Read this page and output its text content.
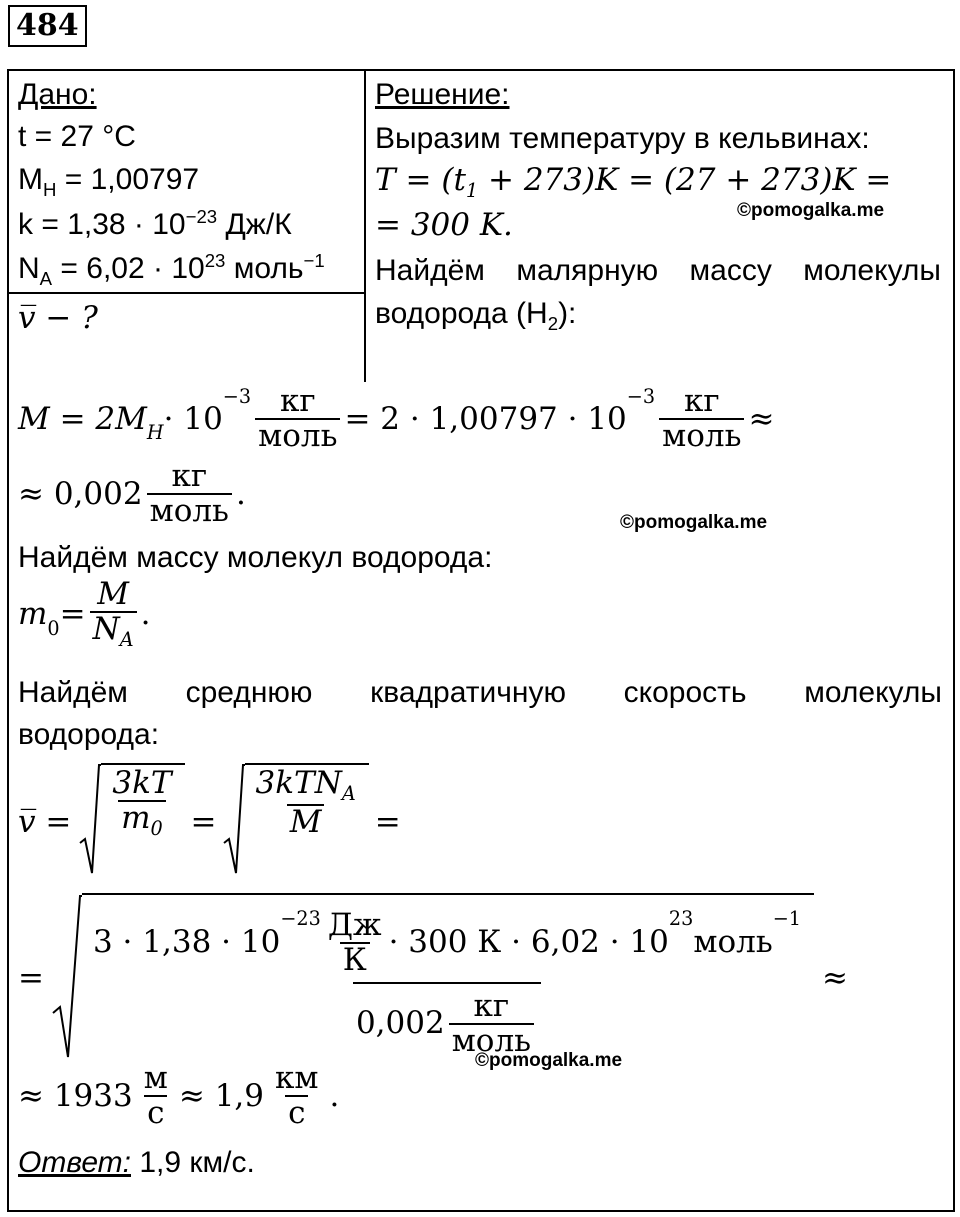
484
Дано:
t = 27 °C
$M_H = 1,00797$
$k = 1,38 \cdot 10^{-23}$ Дж/К
$N_A = 6,02 \cdot 10^{23}$ моль$^{-1}$
v̅ − ?
Решение:
Выразим температуру в кельвинах:
$T = (t_1 + 273)K = (27 + 273)K$ =
= 300 K.	©pomogalka.me
Найдём малярную массу молекулы
водорода $(H_2)$:
$M = 2M_H \cdot 10$
$^{-3} \frac{кг}{\text{моль}} = 2 \cdot 1,00797 \cdot 10$
$^{-3} \frac{кг}{\text{моль}}$ ≈
≈ $0,002 \frac{кг}{\text{моль}}$ .
©pomogalka.me
Найдём массу молекул водорода:
$m_0 = \frac{M}{N_A}$ .
Найдём среднюю квадратичную скорость молекулы
водорода:
v̅ = $\frac{3kT}{m_0} = \frac{3kTN_A}{M}$ =
=
3 · 1,38 · 10
$^{-23} \frac{Дж}{К} \cdot 300$ К · 6,02 · 10
$^{23}$
моль
$^{-1}$
$0,002 \frac{кг}{\text{моль}}$
≈
©pomogalka.me
≈ $1933 \frac{м}{с} \approx 1,9 \frac{км}{с}$ .
Ответ: 1,9 км/с.
